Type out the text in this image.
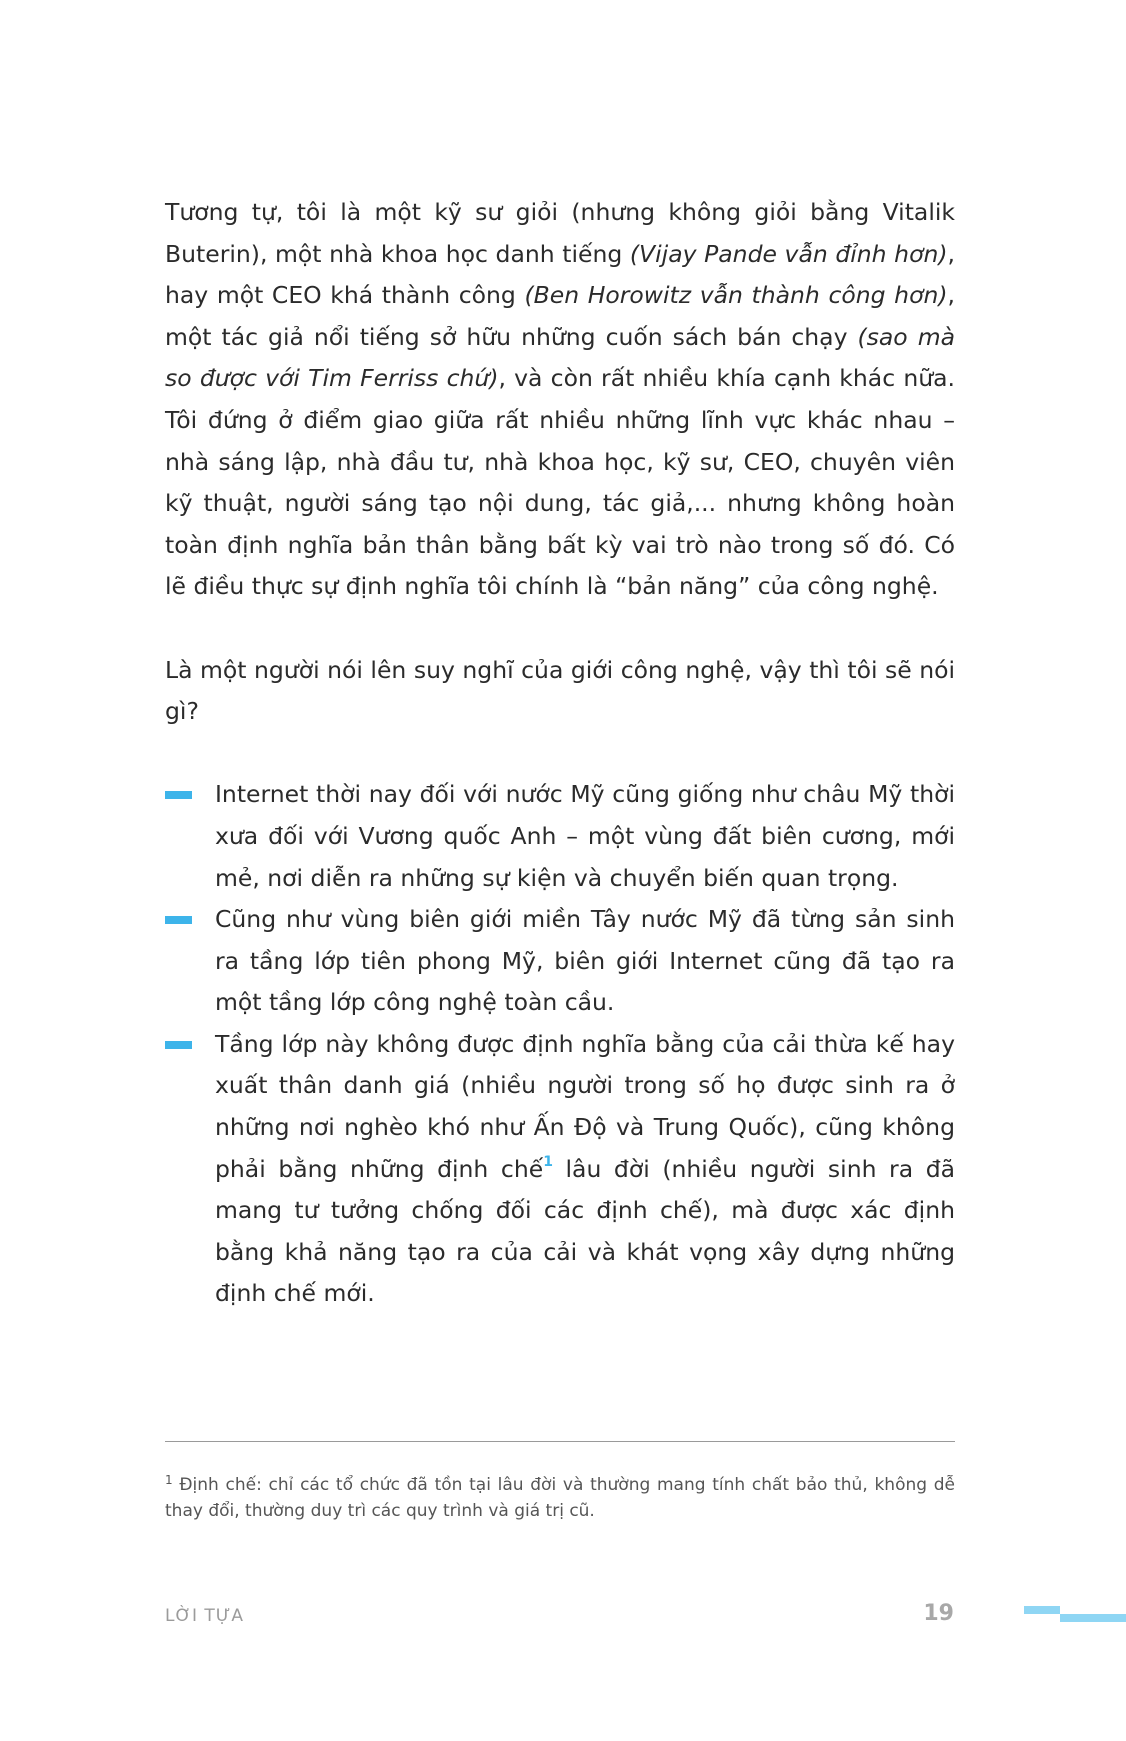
Tương tự, tôi là một kỹ sư giỏi (nhưng không giỏi bằng Vitalik Buterin), một nhà khoa học danh tiếng (Vijay Pande vẫn đỉnh hơn), hay một CEO khá thành công (Ben Horowitz vẫn thành công hơn), một tác giả nổi tiếng sở hữu những cuốn sách bán chạy (sao mà so được với Tim Ferriss chứ), và còn rất nhiều khía cạnh khác nữa. Tôi đứng ở điểm giao giữa rất nhiều những lĩnh vực khác nhau – nhà sáng lập, nhà đầu tư, nhà khoa học, kỹ sư, CEO, chuyên viên kỹ thuật, người sáng tạo nội dung, tác giả,... nhưng không hoàn toàn định nghĩa bản thân bằng bất kỳ vai trò nào trong số đó. Có lẽ điều thực sự định nghĩa tôi chính là “bản năng” của công nghệ.

Là một người nói lên suy nghĩ của giới công nghệ, vậy thì tôi sẽ nói gì?

Internet thời nay đối với nước Mỹ cũng giống như châu Mỹ thời xưa đối với Vương quốc Anh – một vùng đất biên cương, mới mẻ, nơi diễn ra những sự kiện và chuyển biến quan trọng.
Cũng như vùng biên giới miền Tây nước Mỹ đã từng sản sinh ra tầng lớp tiên phong Mỹ, biên giới Internet cũng đã tạo ra một tầng lớp công nghệ toàn cầu.
Tầng lớp này không được định nghĩa bằng của cải thừa kế hay xuất thân danh giá (nhiều người trong số họ được sinh ra ở những nơi nghèo khó như Ấn Độ và Trung Quốc), cũng không phải bằng những định chế$^1$ lâu đời (nhiều người sinh ra đã mang tư tưởng chống đối các định chế), mà được xác định bằng khả năng tạo ra của cải và khát vọng xây dựng những định chế mới.

$^1$ Định chế: chỉ các tổ chức đã tồn tại lâu đời và thường mang tính chất bảo thủ, không dễ thay đổi, thường duy trì các quy trình và giá trị cũ.

LỜI TỰA	19
